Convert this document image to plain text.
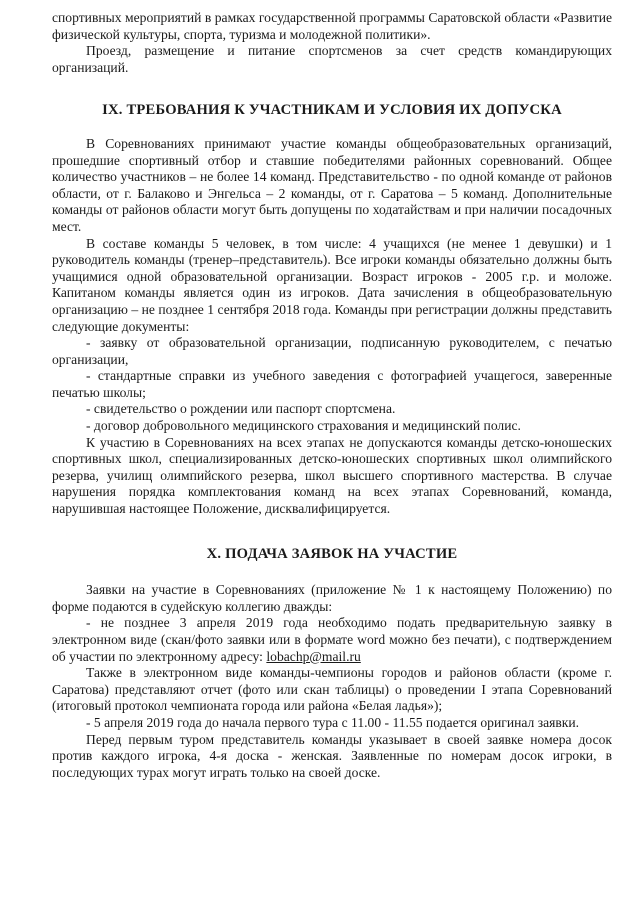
спортивных мероприятий в рамках государственной программы Саратовской области «Развитие физической культуры, спорта, туризма и молодежной политики».

Проезд, размещение и питание спортсменов за счет средств командирующих организаций.

IX. ТРЕБОВАНИЯ К УЧАСТНИКАМ И УСЛОВИЯ ИХ ДОПУСКА

В Соревнованиях принимают участие команды общеобразовательных организаций, прошедшие спортивный отбор и ставшие победителями районных соревнований. Общее количество участников – не более 14 команд. Представительство - по одной команде от районов области, от г. Балаково и Энгельса – 2 команды, от г. Саратова – 5 команд. Дополнительные команды от районов области могут быть допущены по ходатайствам и при наличии посадочных мест.

В составе команды 5 человек, в том числе: 4 учащихся (не менее 1 девушки) и 1 руководитель команды (тренер–представитель). Все игроки команды обязательно должны быть учащимися одной образовательной организации. Возраст игроков - 2005 г.р. и моложе. Капитаном команды является один из игроков. Дата зачисления в общеобразовательную организацию – не позднее 1 сентября 2018 года. Команды при регистрации должны представить следующие документы:

- заявку от образовательной организации, подписанную руководителем, с печатью организации,

- стандартные справки из учебного заведения с фотографией учащегося, заверенные печатью школы;

- свидетельство о рождении или паспорт спортсмена.

- договор добровольного медицинского страхования и медицинский полис.

К участию в Соревнованиях на всех этапах не допускаются команды детско-юношеских спортивных школ, специализированных детско-юношеских спортивных школ олимпийского резерва, училищ олимпийского резерва, школ высшего спортивного мастерства. В случае нарушения порядка комплектования команд на всех этапах Соревнований, команда, нарушившая настоящее Положение, дисквалифицируется.

X. ПОДАЧА ЗАЯВОК НА УЧАСТИЕ

Заявки на участие в Соревнованиях (приложение № 1 к настоящему Положению) по форме подаются в судейскую коллегию дважды:

- не позднее 3 апреля 2019 года необходимо подать предварительную заявку в электронном виде (скан/фото заявки или в формате word можно без печати), с подтверждением об участии по электронному адресу: lobachp@mail.ru

Также в электронном виде команды-чемпионы городов и районов области (кроме г. Саратова) представляют отчет (фото или скан таблицы) о проведении I этапа Соревнований (итоговый протокол чемпионата города или района «Белая ладья»);

- 5 апреля 2019 года до начала первого тура с 11.00 - 11.55 подается оригинал заявки.

Перед первым туром представитель команды указывает в своей заявке номера досок против каждого игрока, 4-я доска - женская. Заявленные по номерам досок игроки, в последующих турах могут играть только на своей доске.
